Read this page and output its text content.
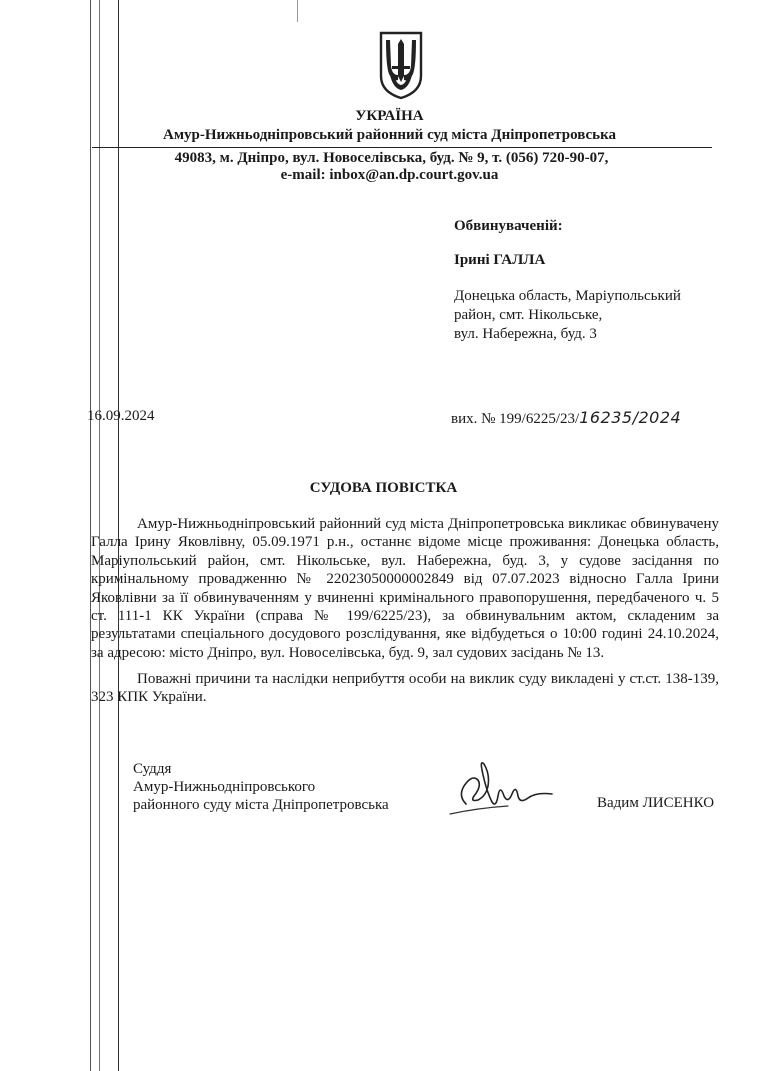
УКРАЇНА
Амур-Нижньодніпровський районний суд міста Дніпропетровська
49083, м. Дніпро, вул. Новоселівська, буд. № 9, т. (056) 720-90-07,
e-mail: inbox@an.dp.court.gov.ua
Обвинуваченій:
Ірині ГАЛЛА
Донецька область, Маріупольський
район, смт. Нікольське,
вул. Набережна, буд. 3
16.09.2024	вих. № 199/6225/23/16235/2024
СУДОВА ПОВІСТКА

Амур-Нижньодніпровський районний суд міста Дніпропетровська викликає обвинувачену Галла Ірину Яковлівну, 05.09.1971 р.н., останнє відоме місце проживання: Донецька область, Маріупольський район, смт. Нікольське, вул. Набережна, буд. 3, у судове засідання по кримінальному провадженню № 22023050000002849 від 07.07.2023 відносно Галла Ірини Яковлівни за її обвинуваченням у вчиненні кримінального правопорушення, передбаченого ч. 5 ст. 111-1 КК України (справа № 199/6225/23), за обвинувальним актом, складеним за результатами спеціального досудового розслідування, яке відбудеться о 10:00 годині 24.10.2024, за адресою: місто Дніпро, вул. Новоселівська, буд. 9, зал судових засідань № 13.

Поважні причини та наслідки неприбуття особи на виклик суду викладені у ст.ст. 138-139, 323 КПК України.

Суддя
Амур-Нижньодніпровського
районного суду міста Дніпропетровська	Вадим ЛИСЕНКО
